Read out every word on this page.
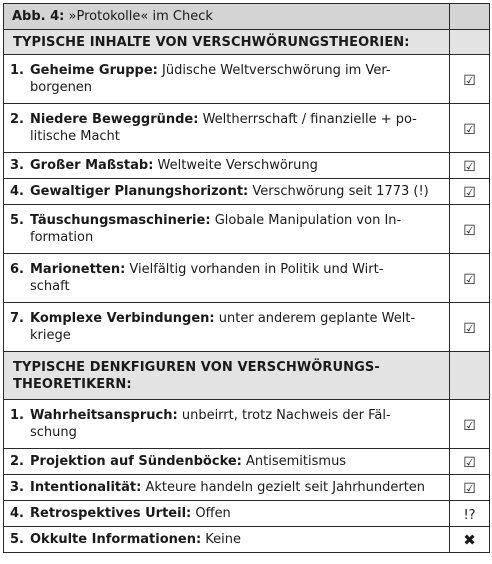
Abb. 4: »Protokolle« im Check	

TYPISCHE INHALTE VON VERSCHWÖRUNGSTHEORIEN:	

1. Geheime Gruppe: Jüdische Weltverschwörung im Ver-
borgenen	☑

2. Niedere Beweggründe: Weltherrschaft / finanzielle + po-
litische Macht	☑

3. Großer Maßstab: Weltweite Verschwörung	☑

4. Gewaltiger Planungshorizont: Verschwörung seit 1773 (!)	☑

5. Täuschungsmaschinerie: Globale Manipulation von In-
formation	☑

6. Marionetten: Vielfältig vorhanden in Politik und Wirt-
schaft	☑

7. Komplexe Verbindungen: unter anderem geplante Welt-
kriege	☑

TYPISCHE DENKFIGUREN VON VERSCHWÖRUNGS-
THEORETIKERN:	

1. Wahrheitsanspruch: unbeirrt, trotz Nachweis der Fäl-
schung	☑

2. Projektion auf Sündenböcke: Antisemitismus	☑

3. Intentionalität: Akteure handeln gezielt seit Jahrhunderten	☑

4. Retrospektives Urteil: Offen	!?

5. Okkulte Informationen: Keine	✖
